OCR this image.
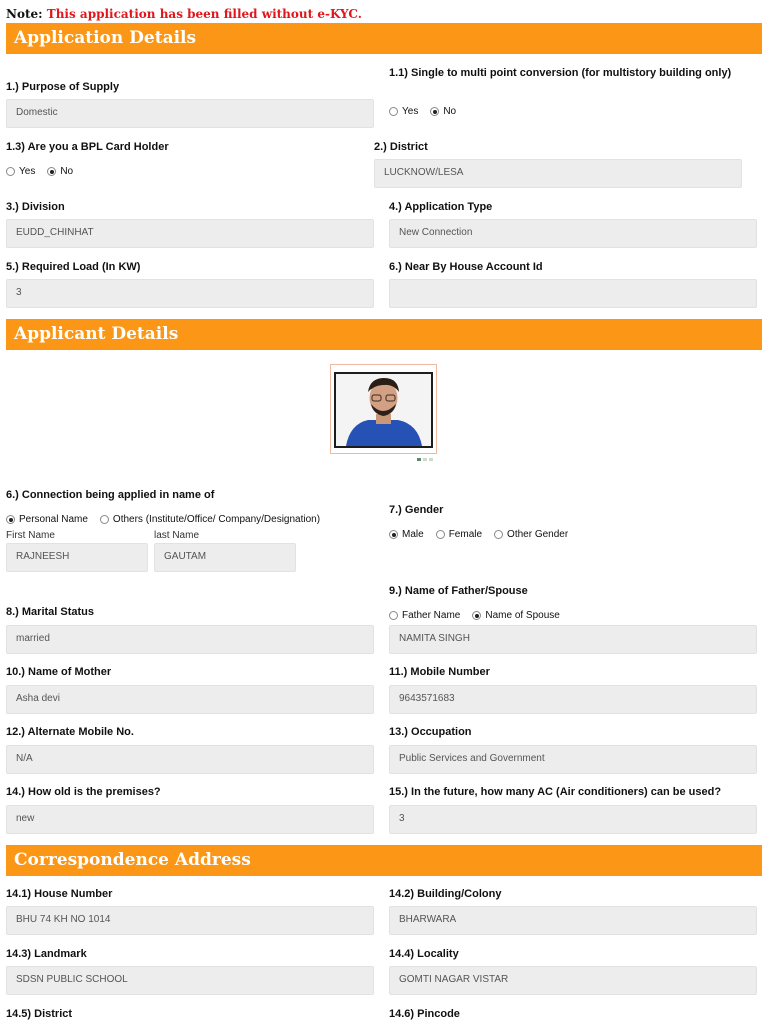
Note: This application has been filled without e-KYC.
Application Details
1.) Purpose of Supply
Domestic
1.1) Single to multi point conversion (for multistory building only)
Yes	No
1.3) Are you a BPL Card Holder
Yes	No
2.) District
LUCKNOW/LESA
3.) Division
EUDD_CHINHAT
4.) Application Type
New Connection
5.) Required Load (In KW)
3
6.) Near By House Account Id
Applicant Details
6.) Connection being applied in name of
Personal Name	Others (Institute/Office/ Company/Designation)
First Name	last Name
RAJNEESH	GAUTAM
7.) Gender
Male	Female	Other Gender
9.) Name of Father/Spouse
Father Name	Name of Spouse
NAMITA SINGH
8.) Marital Status
married
10.) Name of Mother
Asha devi
11.) Mobile Number
9643571683
12.) Alternate Mobile No.
N/A
13.) Occupation
Public Services and Government
14.) How old is the premises?
new
15.) In the future, how many AC (Air conditioners) can be used?
3
Correspondence Address
14.1) House Number
BHU 74 KH NO 1014
14.2) Building/Colony
BHARWARA
14.3) Landmark
SDSN PUBLIC SCHOOL
14.4) Locality
GOMTI NAGAR VISTAR
14.5) District	14.6) Pincode
